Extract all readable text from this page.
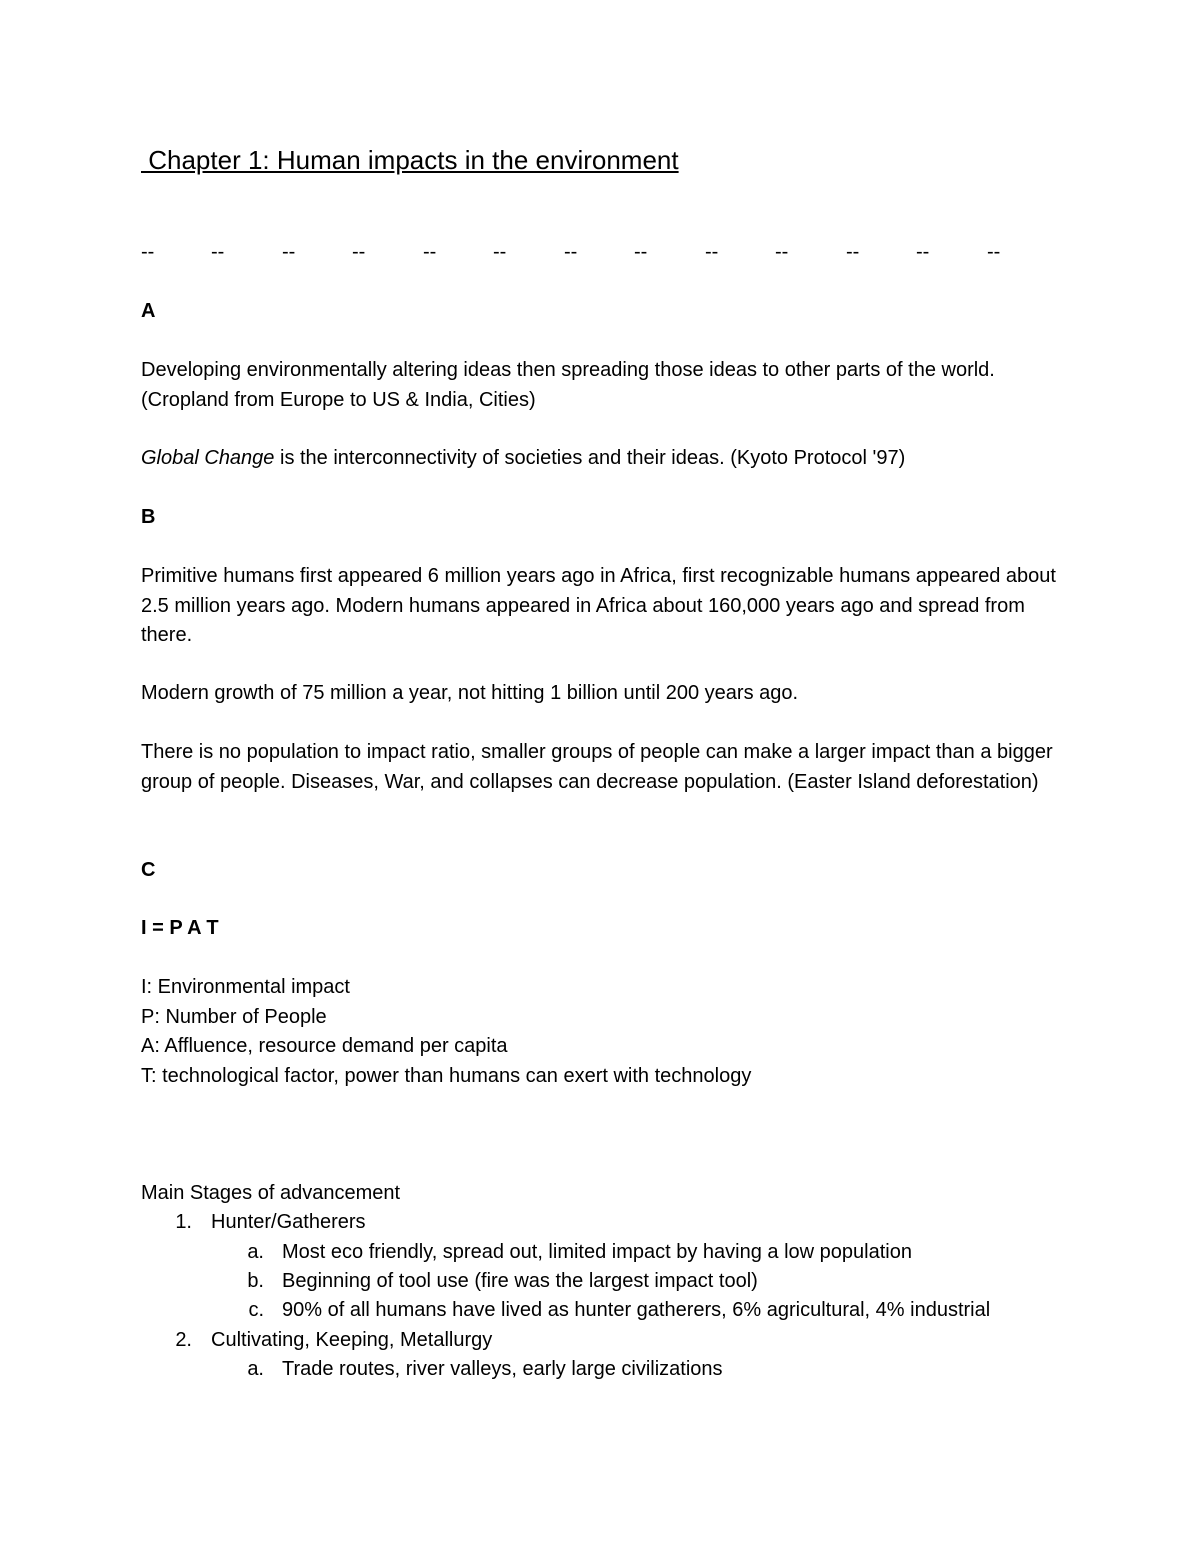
Chapter 1: Human impacts in the environment
--	--	--	--	--	--	--	--	--	--	--	--	--
A

Developing environmentally altering ideas then spreading those ideas to other parts of the world. (Cropland from Europe to US & India, Cities)

Global Change is the interconnectivity of societies and their ideas. (Kyoto Protocol '97)

B

Primitive humans first appeared 6 million years ago in Africa, first recognizable humans appeared about 2.5 million years ago. Modern humans appeared in Africa about 160,000 years ago and spread from there.

Modern growth of 75 million a year, not hitting 1 billion until 200 years ago.

There is no population to impact ratio, smaller groups of people can make a larger impact than a bigger group of people. Diseases, War, and collapses can decrease population. (Easter Island deforestation)

C
I = P A T
I: Environmental impact
P: Number of People
A: Affluence, resource demand per capita
T: technological factor, power than humans can exert with technology
Main Stages of advancement
1. Hunter/Gatherers
a. Most eco friendly, spread out, limited impact by having a low population
b. Beginning of tool use (fire was the largest impact tool)
c. 90% of all humans have lived as hunter gatherers, 6% agricultural, 4% industrial
2. Cultivating, Keeping, Metallurgy
a. Trade routes, river valleys, early large civilizations
